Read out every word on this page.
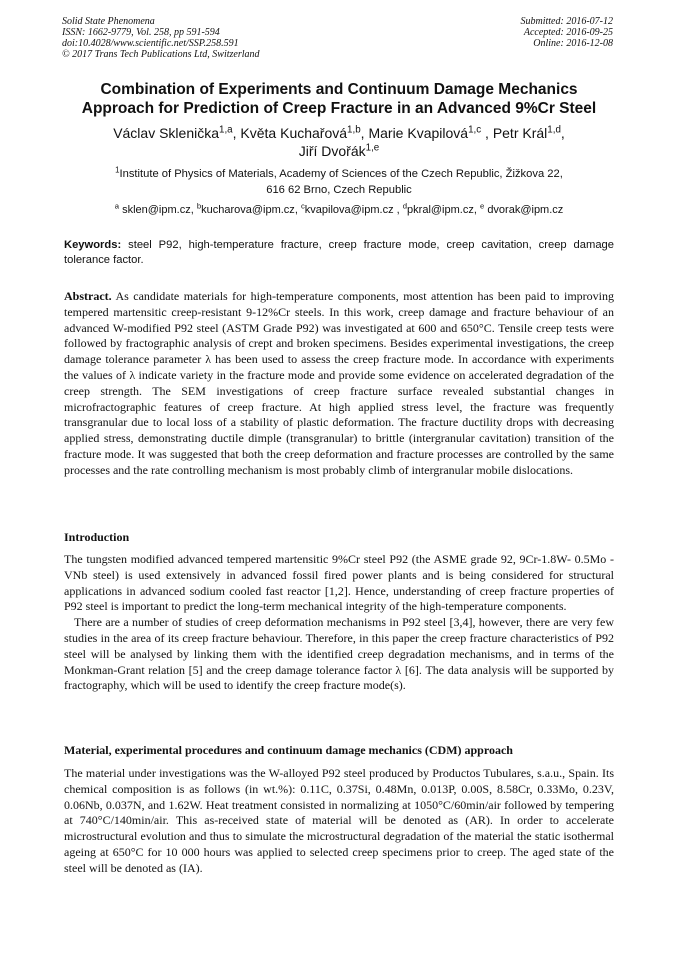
Solid State Phenomena
ISSN: 1662-9779, Vol. 258, pp 591-594
doi:10.4028/www.scientific.net/SSP.258.591
© 2017 Trans Tech Publications Ltd, Switzerland
Submitted: 2016-07-12
Accepted: 2016-09-25
Online: 2016-12-08
Combination of Experiments and Continuum Damage Mechanics
Approach for Prediction of Creep Fracture in an Advanced 9%Cr Steel
Václav Sklenička$^{1,a}$, Květa Kuchařová$^{1,b}$, Marie Kvapilová$^{1,c}$ , Petr Král$^{1,d}$,
Jiří Dvořák$^{1,e}$
$^1$Institute of Physics of Materials, Academy of Sciences of the Czech Republic, Žižkova 22,
616 62 Brno, Czech Republic
$^a$ sklen@ipm.cz, $^b$kucharova@ipm.cz, $^c$kvapilova@ipm.cz , $^d$pkral@ipm.cz, $^e$ dvorak@ipm.cz
Keywords: steel P92, high-temperature fracture, creep fracture mode, creep cavitation, creep damage tolerance factor.

Abstract. As candidate materials for high-temperature components, most attention has been paid to improving tempered martensitic creep-resistant 9-12%Cr steels. In this work, creep damage and fracture behaviour of an advanced W-modified P92 steel (ASTM Grade P92) was investigated at 600 and 650°C. Tensile creep tests were followed by fractographic analysis of crept and broken specimens. Besides experimental investigations, the creep damage tolerance parameter λ has been used to assess the creep fracture mode. In accordance with experiments the values of λ indicate variety in the fracture mode and provide some evidence on accelerated degradation of the creep strength. The SEM investigations of creep fracture surface revealed substantial changes in microfractographic features of creep fracture. At high applied stress level, the fracture was frequently transgranular due to local loss of a stability of plastic deformation. The fracture ductility drops with decreasing applied stress, demonstrating ductile dimple (transgranular) to brittle (intergranular cavitation) transition of the fracture mode. It was suggested that both the creep deformation and fracture processes are controlled by the same processes and the rate controlling mechanism is most probably climb of intergranular mobile dislocations.

Introduction

The tungsten modified advanced tempered martensitic 9%Cr steel P92 (the ASME grade 92, 9Cr-1.8W- 0.5Mo - VNb steel) is used extensively in advanced fossil fired power plants and is being considered for structural applications in advanced sodium cooled fast reactor [1,2]. Hence, understanding of creep fracture properties of P92 steel is important to predict the long-term mechanical integrity of the high-temperature components.

There are a number of studies of creep deformation mechanisms in P92 steel [3,4], however, there are very few studies in the area of its creep fracture behaviour. Therefore, in this paper the creep fracture characteristics of P92 steel will be analysed by linking them with the identified creep degradation mechanisms, and in terms of the Monkman-Grant relation [5] and the creep damage tolerance factor λ [6]. The data analysis will be supported by fractography, which will be used to identify the creep fracture mode(s).

Material, experimental procedures and continuum damage mechanics (CDM) approach

The material under investigations was the W-alloyed P92 steel produced by Productos Tubulares, s.a.u., Spain. Its chemical composition is as follows (in wt.%): 0.11C, 0.37Si, 0.48Mn, 0.013P, 0.00S, 8.58Cr, 0.33Mo, 0.23V, 0.06Nb, 0.037N, and 1.62W. Heat treatment consisted in normalizing at 1050°C/60min/air followed by tempering at 740°C/140min/air. This as-received state of material will be denoted as (AR). In order to accelerate microstructural evolution and thus to simulate the microstructural degradation of the material the static isothermal ageing at 650°C for 10 000 hours was applied to selected creep specimens prior to creep. The aged state of the steel will be denoted as (IA).
